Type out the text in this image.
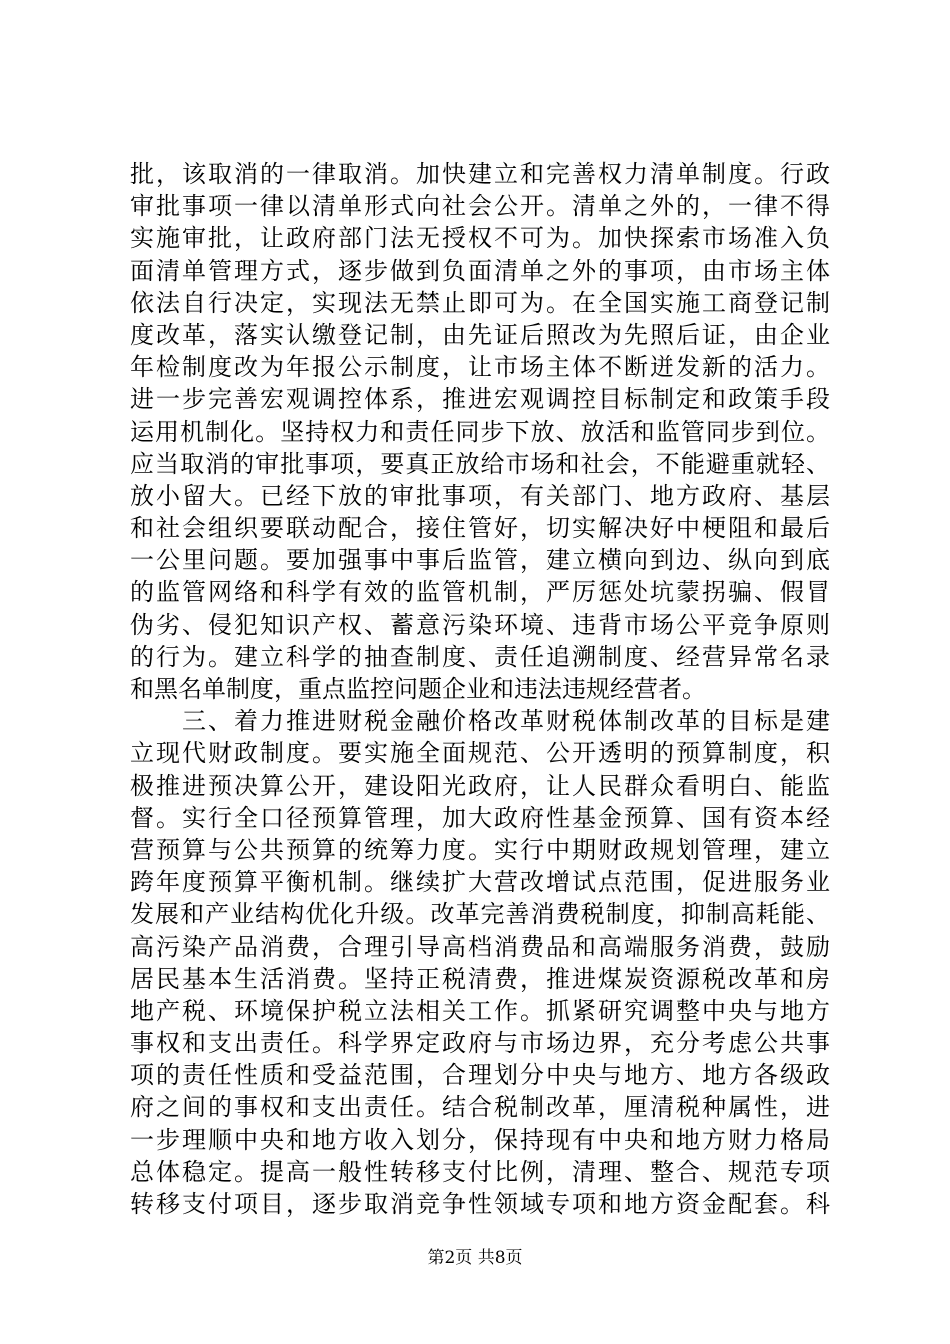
批，该取消的一律取消。加快建立和完善权力清单制度。行政
审批事项一律以清单形式向社会公开。清单之外的，一律不得
实施审批，让政府部门法无授权不可为。加快探索市场准入负
面清单管理方式，逐步做到负面清单之外的事项，由市场主体
依法自行决定，实现法无禁止即可为。在全国实施工商登记制
度改革，落实认缴登记制，由先证后照改为先照后证，由企业
年检制度改为年报公示制度，让市场主体不断迸发新的活力。
进一步完善宏观调控体系，推进宏观调控目标制定和政策手段
运用机制化。坚持权力和责任同步下放、放活和监管同步到位。
应当取消的审批事项，要真正放给市场和社会，不能避重就轻、
放小留大。已经下放的审批事项，有关部门、地方政府、基层
和社会组织要联动配合，接住管好，切实解决好中梗阻和最后
一公里问题。要加强事中事后监管，建立横向到边、纵向到底
的监管网络和科学有效的监管机制，严厉惩处坑蒙拐骗、假冒
伪劣、侵犯知识产权、蓄意污染环境、违背市场公平竞争原则
的行为。建立科学的抽查制度、责任追溯制度、经营异常名录
和黑名单制度，重点监控问题企业和违法违规经营者。
　　三、着力推进财税金融价格改革财税体制改革的目标是建
立现代财政制度。要实施全面规范、公开透明的预算制度，积
极推进预决算公开，建设阳光政府，让人民群众看明白、能监
督。实行全口径预算管理，加大政府性基金预算、国有资本经
营预算与公共预算的统筹力度。实行中期财政规划管理，建立
跨年度预算平衡机制。继续扩大营改增试点范围，促进服务业
发展和产业结构优化升级。改革完善消费税制度，抑制高耗能、
高污染产品消费，合理引导高档消费品和高端服务消费，鼓励
居民基本生活消费。坚持正税清费，推进煤炭资源税改革和房
地产税、环境保护税立法相关工作。抓紧研究调整中央与地方
事权和支出责任。科学界定政府与市场边界，充分考虑公共事
项的责任性质和受益范围，合理划分中央与地方、地方各级政
府之间的事权和支出责任。结合税制改革，厘清税种属性，进
一步理顺中央和地方收入划分，保持现有中央和地方财力格局
总体稳定。提高一般性转移支付比例，清理、整合、规范专项
转移支付项目，逐步取消竞争性领域专项和地方资金配套。科
第2页 共8页
